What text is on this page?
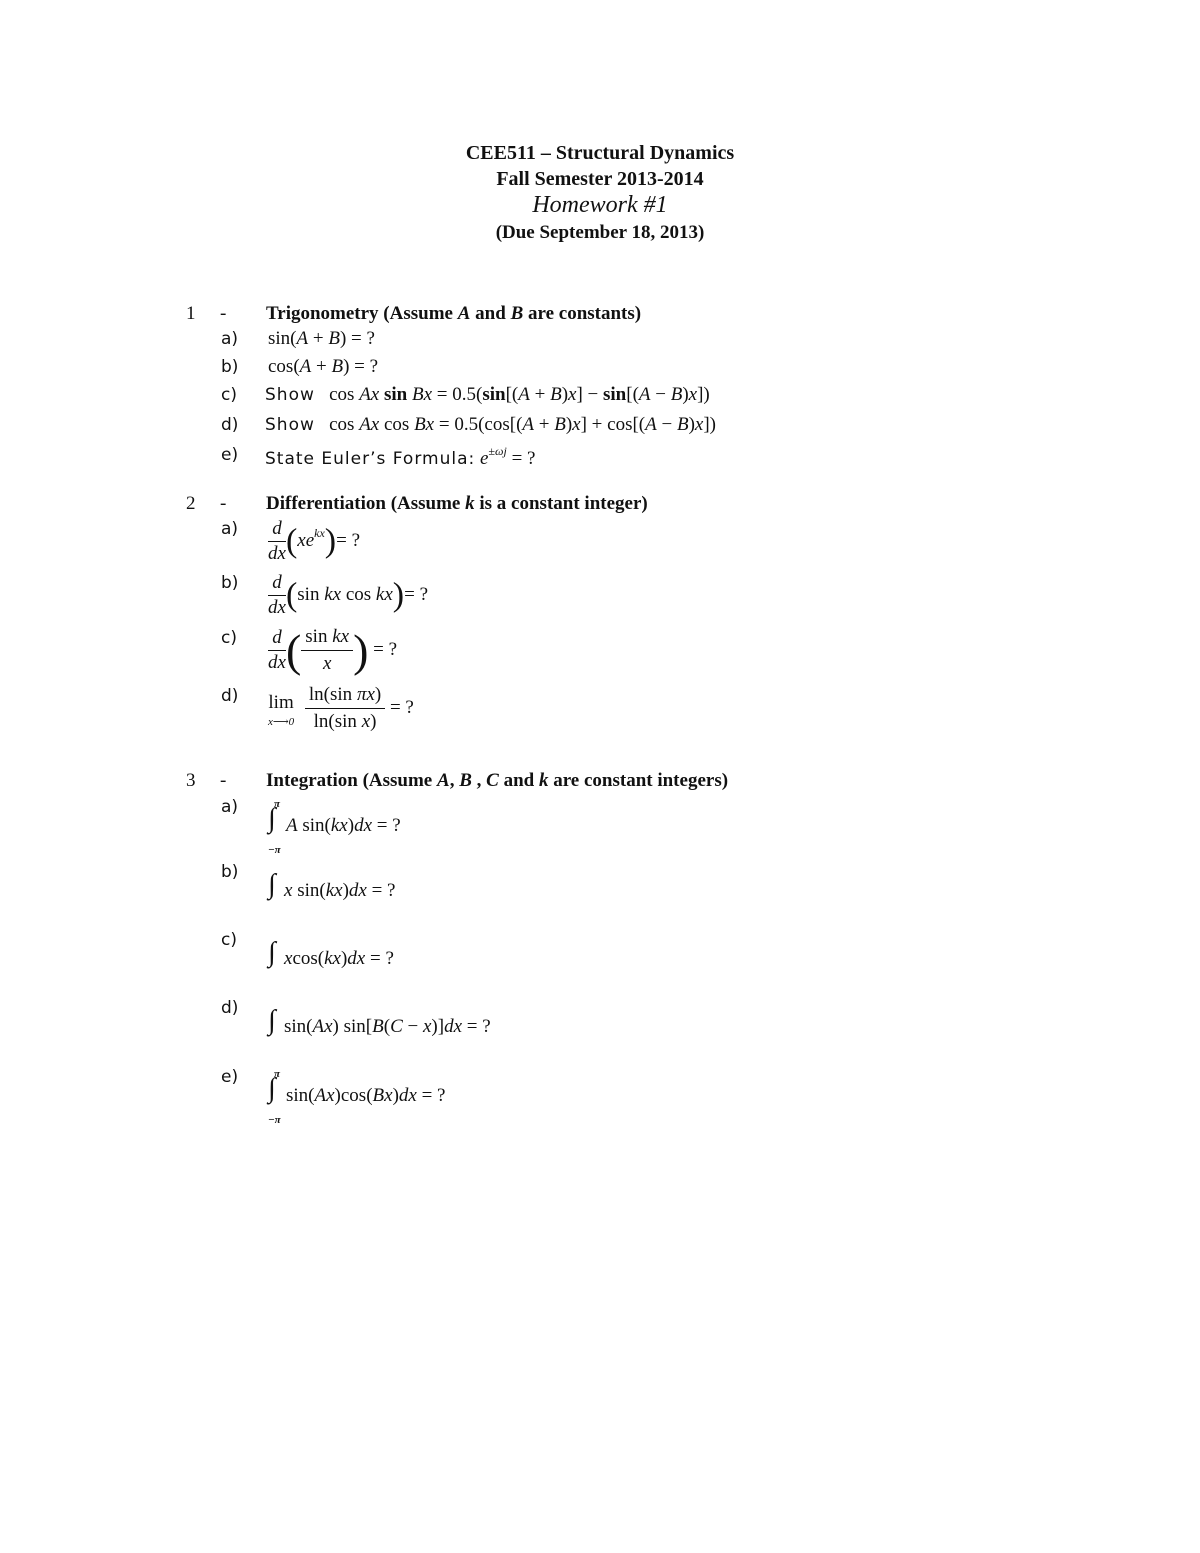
CEE511 – Structural Dynamics
Fall Semester 2013-2014
Homework #1
(Due September 18, 2013)
1 - Trigonometry (Assume A and B are constants)
a) sin(A + B) = ?
b) cos(A + B) = ?
c) Show   cos Ax sin Bx = 0.5(sin[(A + B)x] − sin[(A − B)x])
d) Show   cos Ax cos Bx = 0.5(cos[(A + B)x] + cos[(A − B)x])
e) State Euler’s Formula: $e^{\pm\omega j}$ = ?
2 - Differentiation (Assume k is a constant integer)
$a) \frac{d}{dx} (xe^{kx})=$ ?
$b) \frac{d}{dx} (\sin$ kx cos kx)= ?
$c) \frac{d}{dx}$ ( $\frac{\text{sin kx}}{x}$ ) = ?
d) lim
x⟶0
$\frac{\text{ln(sin πx)}}{\text{ln(sin x)}}$ = ?
3 - Integration (Assume A, B , C and k are constant integers)
a)	π
∫
−π
A sin(kx)dx = ?
b) ∫ x sin(kx)dx = ?
c) ∫ xcos(kx)dx = ?
d) ∫ sin(Ax) sin[B(C − x)]dx = ?
e)	π
∫
−π
sin(Ax)cos(Bx)dx = ?
